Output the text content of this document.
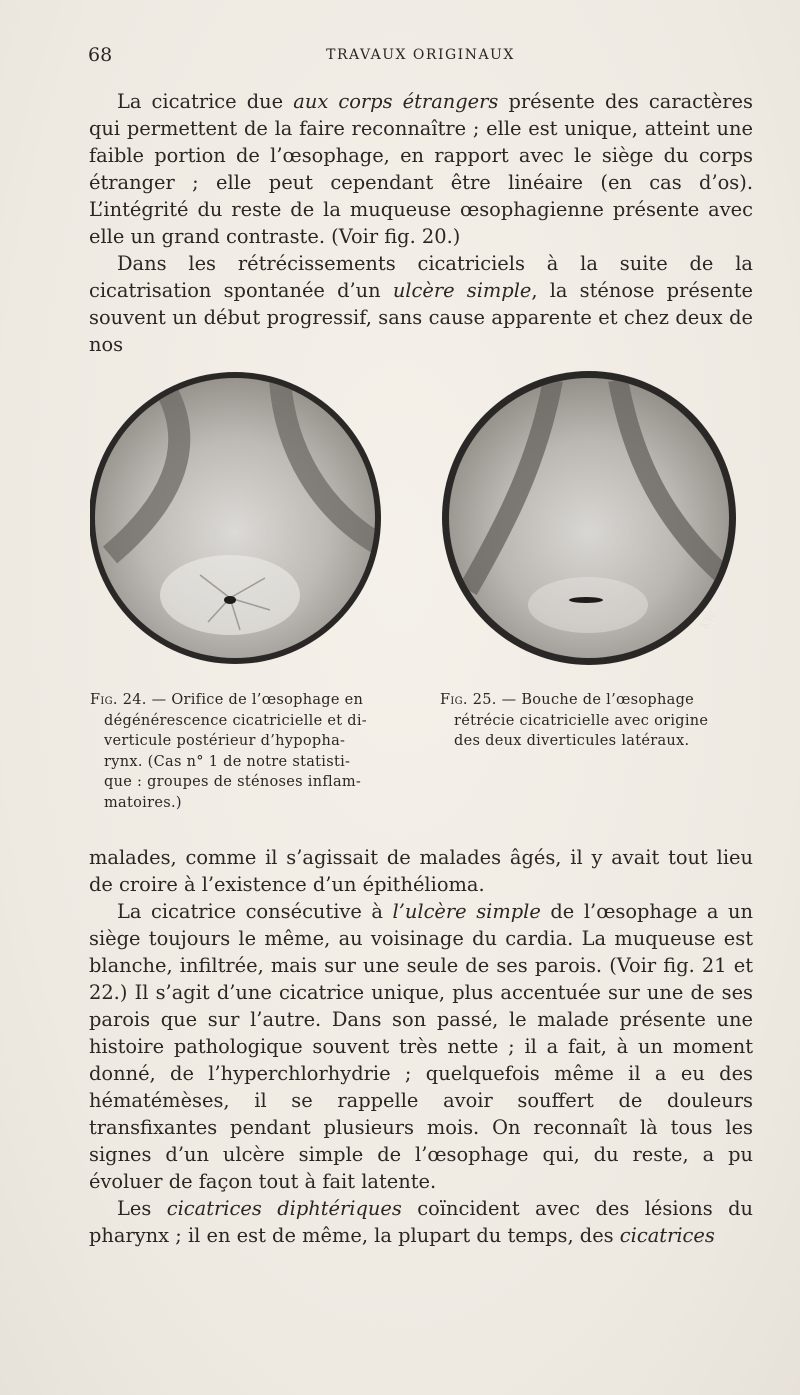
68	TRAVAUX ORIGINAUX

La cicatrice due aux corps étrangers présente des caractères qui permettent de la faire reconnaître ; elle est unique, atteint une faible portion de l’œsophage, en rapport avec le siège du corps étranger ; elle peut cependant être linéaire (en cas d’os). L’intégrité du reste de la muqueuse œsophagienne présente avec elle un grand contraste. (Voir fig. 20.)

Dans les rétrécissements cicatriciels à la suite de la cicatrisation spontanée d’un ulcère simple, la sténose présente souvent un début progressif, sans cause apparente et chez deux de nos

KW
Fig. 24. — Orifice de l’œsophage en
dégénérescence cicatricielle et di-
verticule postérieur d’hypopha-
rynx. (Cas n° 1 de notre statisti-
que : groupes de sténoses inflam-
matoires.)
Fig. 25. — Bouche de l’œsophage
rétrécie cicatricielle avec origine
des deux diverticules latéraux.

malades, comme il s’agissait de malades âgés, il y avait tout lieu de croire à l’existence d’un épithélioma.

La cicatrice consécutive à l’ulcère simple de l’œsophage a un siège toujours le même, au voisinage du cardia. La muqueuse est blanche, infiltrée, mais sur une seule de ses parois. (Voir fig. 21 et 22.) Il s’agit d’une cicatrice unique, plus accentuée sur une de ses parois que sur l’autre. Dans son passé, le malade présente une histoire pathologique souvent très nette ; il a fait, à un moment donné, de l’hyperchlorhydrie ; quelquefois même il a eu des hématémèses, il se rappelle avoir souffert de douleurs transfixantes pendant plusieurs mois. On reconnaît là tous les signes d’un ulcère simple de l’œsophage qui, du reste, a pu évoluer de façon tout à fait latente.

Les cicatrices diphtériques coïncident avec des lésions du pharynx ; il en est de même, la plupart du temps, des cicatrices
